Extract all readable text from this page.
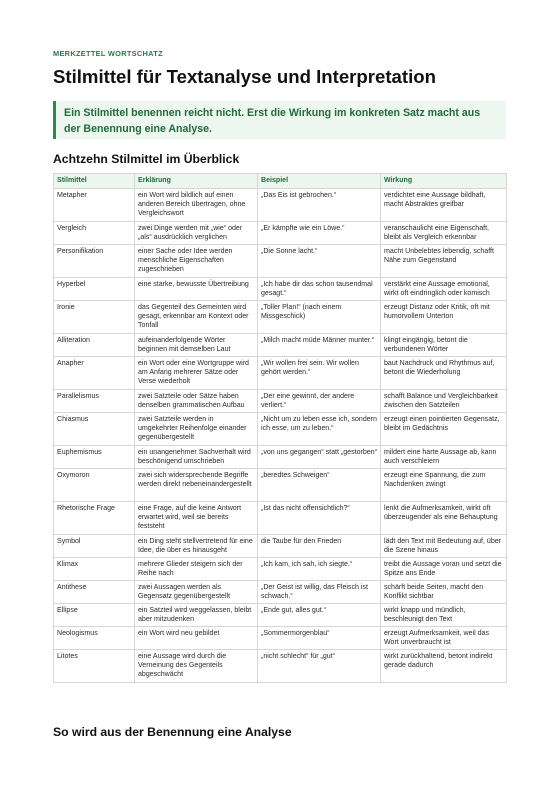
MERKZETTEL WORTSCHATZ
Stilmittel für Textanalyse und Interpretation
Ein Stilmittel benennen reicht nicht. Erst die Wirkung im konkreten Satz macht aus der Benennung eine Analyse.
Achtzehn Stilmittel im Überblick
Stilmittel	Erklärung	Beispiel	Wirkung
Metapher	ein Wort wird bildlich auf einen anderen Bereich übertragen, ohne Vergleichswort	„Das Eis ist gebrochen.“	verdichtet eine Aussage bildhaft, macht Abstraktes greifbar
Vergleich	zwei Dinge werden mit „wie“ oder „als“ ausdrücklich verglichen	„Er kämpfte wie ein Löwe.“	veranschaulicht eine Eigenschaft, bleibt als Vergleich erkennbar
Personifikation	einer Sache oder Idee werden menschliche Eigenschaften zugeschrieben	„Die Sonne lacht.“	macht Unbelebtes lebendig, schafft Nähe zum Gegenstand
Hyperbel	eine starke, bewusste Übertreibung	„Ich habe dir das schon tausendmal gesagt.“	verstärkt eine Aussage emotional, wirkt oft eindringlich oder komisch
Ironie	das Gegenteil des Gemeinten wird gesagt, erkennbar am Kontext oder Tonfall	„Toller Plan!“ (nach einem Missgeschick)	erzeugt Distanz oder Kritik, oft mit humorvollem Unterton
Alliteration	aufeinanderfolgende Wörter beginnen mit demselben Laut	„Milch macht müde Männer munter.“	klingt eingängig, betont die verbundenen Wörter
Anapher	ein Wort oder eine Wortgruppe wird am Anfang mehrerer Sätze oder Verse wiederholt	„Wir wollen frei sein. Wir wollen gehört werden.“	baut Nachdruck und Rhythmus auf, betont die Wiederholung
Parallelismus	zwei Satzteile oder Sätze haben denselben grammatischen Aufbau	„Der eine gewinnt, der andere verliert.“	schafft Balance und Vergleichbarkeit zwischen den Satzteilen
Chiasmus	zwei Satzteile werden in umgekehrter Reihenfolge einander gegenübergestellt	„Nicht um zu leben esse ich, sondern ich esse, um zu leben.“	erzeugt einen pointierten Gegensatz, bleibt im Gedächtnis
Euphemismus	ein unangenehmer Sachverhalt wird beschönigend umschrieben	„von uns gegangen“ statt „gestorben“	mildert eine harte Aussage ab, kann auch verschleiern
Oxymoron	zwei sich widersprechende Begriffe werden direkt nebeneinandergestellt	„beredtes Schweigen“	erzeugt eine Spannung, die zum Nachdenken zwingt
Rhetorische Frage	eine Frage, auf die keine Antwort erwartet wird, weil sie bereits feststeht	„Ist das nicht offensichtlich?“	lenkt die Aufmerksamkeit, wirkt oft überzeugender als eine Behauptung
Symbol	ein Ding steht stellvertretend für eine Idee, die über es hinausgeht	die Taube für den Frieden	lädt den Text mit Bedeutung auf, über die Szene hinaus
Klimax	mehrere Glieder steigern sich der Reihe nach	„Ich kam, ich sah, ich siegte.“	treibt die Aussage voran und setzt die Spitze ans Ende
Antithese	zwei Aussagen werden als Gegensatz gegenübergestellt	„Der Geist ist willig, das Fleisch ist schwach.“	schärft beide Seiten, macht den Konflikt sichtbar
Ellipse	ein Satzteil wird weggelassen, bleibt aber mitzudenken	„Ende gut, alles gut.“	wirkt knapp und mündlich, beschleunigt den Text
Neologismus	ein Wort wird neu gebildet	„Sommermorgenblau“	erzeugt Aufmerksamkeit, weil das Wort unverbraucht ist
Litotes	eine Aussage wird durch die Verneinung des Gegenteils abgeschwächt	„nicht schlecht“ für „gut“	wirkt zurückhaltend, betont indirekt gerade dadurch
So wird aus der Benennung eine Analyse
